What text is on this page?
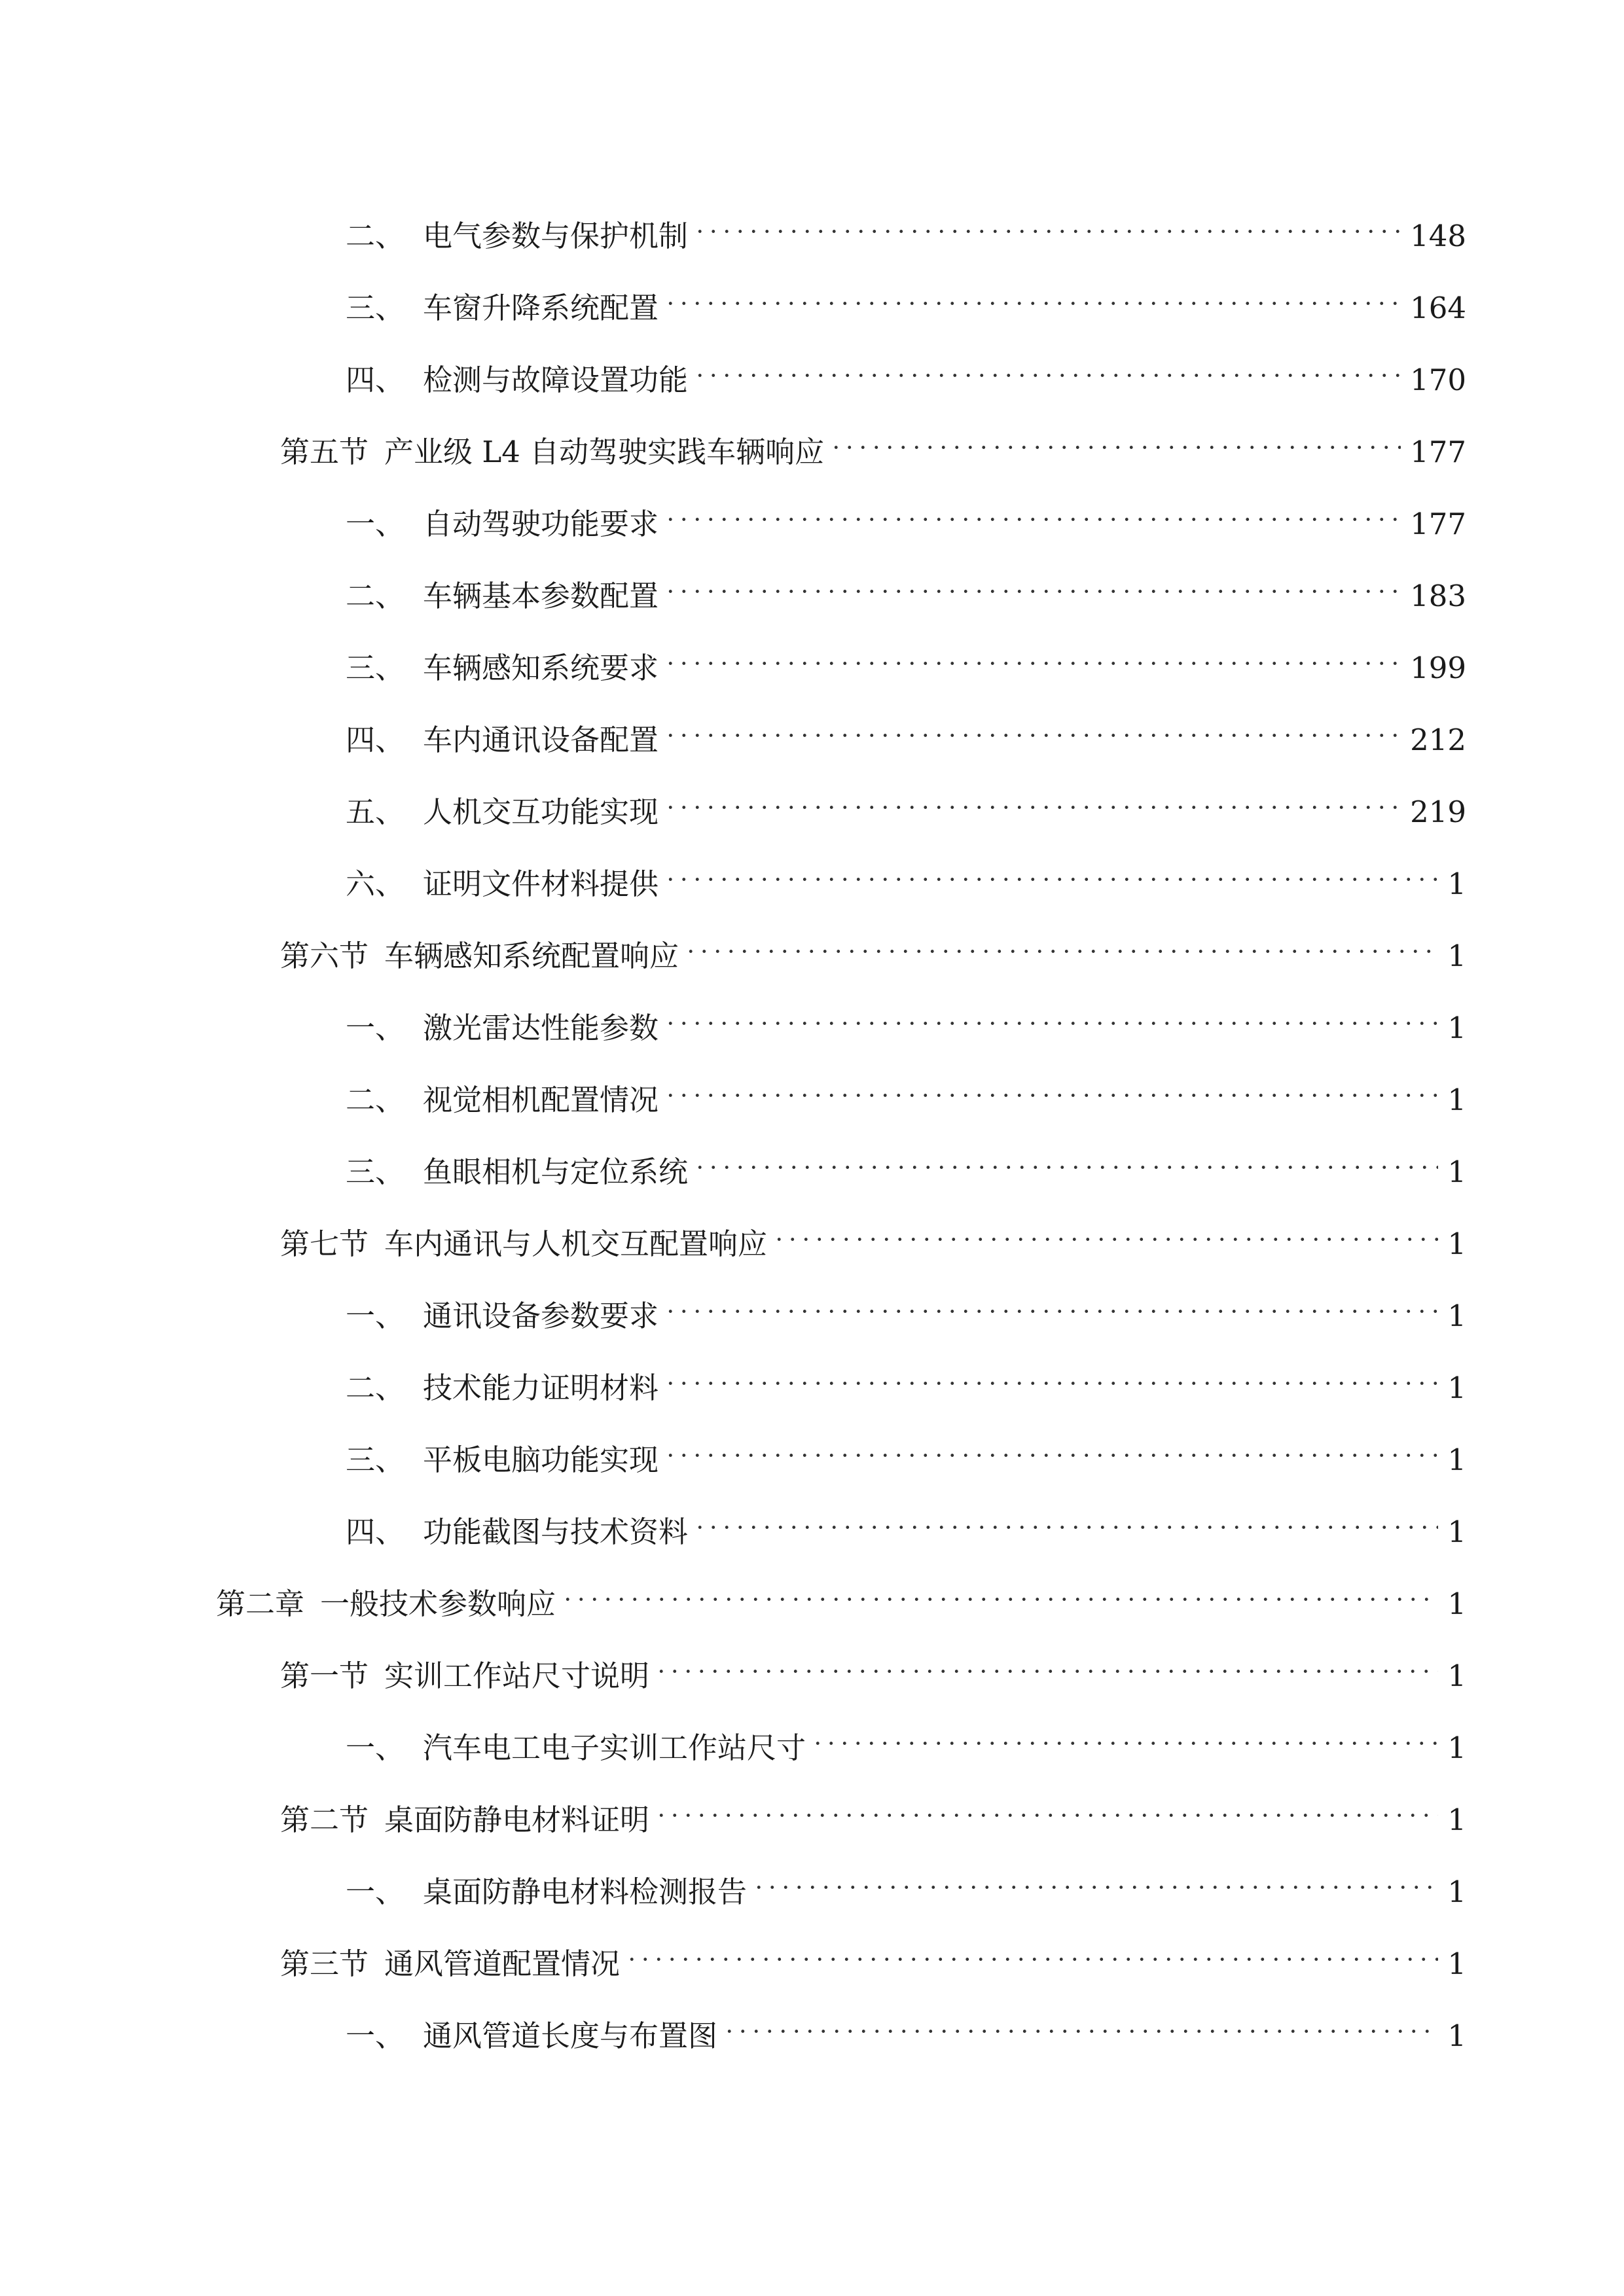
二、 电气参数与保护机制	148
三、 车窗升降系统配置	164
四、 检测与故障设置功能	170
第五节 产业级 L4 自动驾驶实践车辆响应	177
一、 自动驾驶功能要求	177
二、 车辆基本参数配置	183
三、 车辆感知系统要求	199
四、 车内通讯设备配置	212
五、 人机交互功能实现	219
六、 证明文件材料提供	1
第六节 车辆感知系统配置响应	1
一、 激光雷达性能参数	1
二、 视觉相机配置情况	1
三、 鱼眼相机与定位系统	1
第七节 车内通讯与人机交互配置响应	1
一、 通讯设备参数要求	1
二、 技术能力证明材料	1
三、 平板电脑功能实现	1
四、 功能截图与技术资料	1
第二章 一般技术参数响应	1
第一节 实训工作站尺寸说明	1
一、 汽车电工电子实训工作站尺寸	1
第二节 桌面防静电材料证明	1
一、 桌面防静电材料检测报告	1
第三节 通风管道配置情况	1
一、 通风管道长度与布置图	1
